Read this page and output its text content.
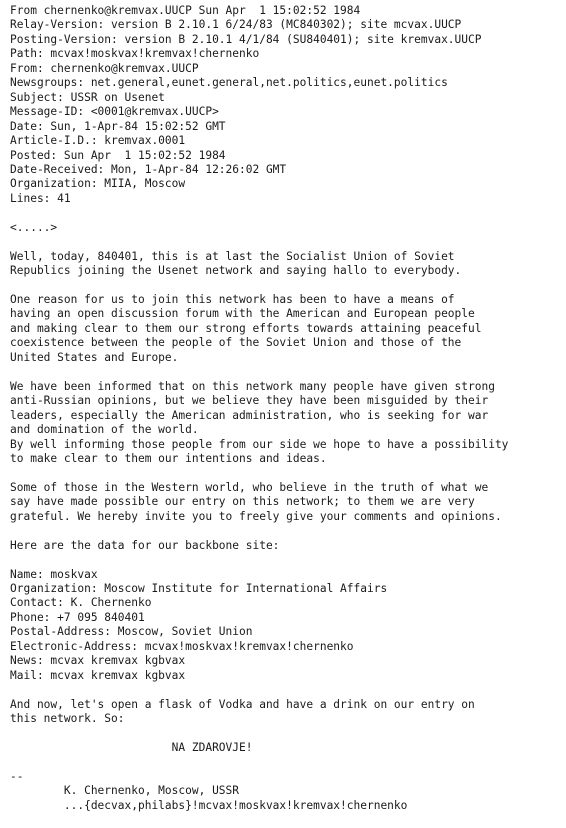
From chernenko@kremvax.UUCP Sun Apr  1 15:02:52 1984
Relay-Version: version B 2.10.1 6/24/83 (MC840302); site mcvax.UUCP
Posting-Version: version B 2.10.1 4/1/84 (SU840401); site kremvax.UUCP
Path: mcvax!moskvax!kremvax!chernenko
From: chernenko@kremvax.UUCP
Newsgroups: net.general,eunet.general,net.politics,eunet.politics
Subject: USSR on Usenet
Message-ID: <0001@kremvax.UUCP>
Date: Sun, 1-Apr-84 15:02:52 GMT
Article-I.D.: kremvax.0001
Posted: Sun Apr  1 15:02:52 1984
Date-Received: Mon, 1-Apr-84 12:26:02 GMT
Organization: MIIA, Moscow
Lines: 41
<.....>
Well, today, 840401, this is at last the Socialist Union of Soviet
Republics joining the Usenet network and saying hallo to everybody.
One reason for us to join this network has been to have a means of
having an open discussion forum with the American and European people
and making clear to them our strong efforts towards attaining peaceful
coexistence between the people of the Soviet Union and those of the
United States and Europe.
We have been informed that on this network many people have given strong
anti-Russian opinions, but we believe they have been misguided by their
leaders, especially the American administration, who is seeking for war
and domination of the world.
By well informing those people from our side we hope to have a possibility
to make clear to them our intentions and ideas.
Some of those in the Western world, who believe in the truth of what we
say have made possible our entry on this network; to them we are very
grateful. We hereby invite you to freely give your comments and opinions.
Here are the data for our backbone site:
Name: moskvax
Organization: Moscow Institute for International Affairs
Contact: K. Chernenko
Phone: +7 095 840401
Postal-Address: Moscow, Soviet Union
Electronic-Address: mcvax!moskvax!kremvax!chernenko
News: mcvax kremvax kgbvax
Mail: mcvax kremvax kgbvax
And now, let's open a flask of Vodka and have a drink on our entry on
this network. So:
NA ZDAROVJE!
--
K. Chernenko, Moscow, USSR
...{decvax,philabs}!mcvax!moskvax!kremvax!chernenko
